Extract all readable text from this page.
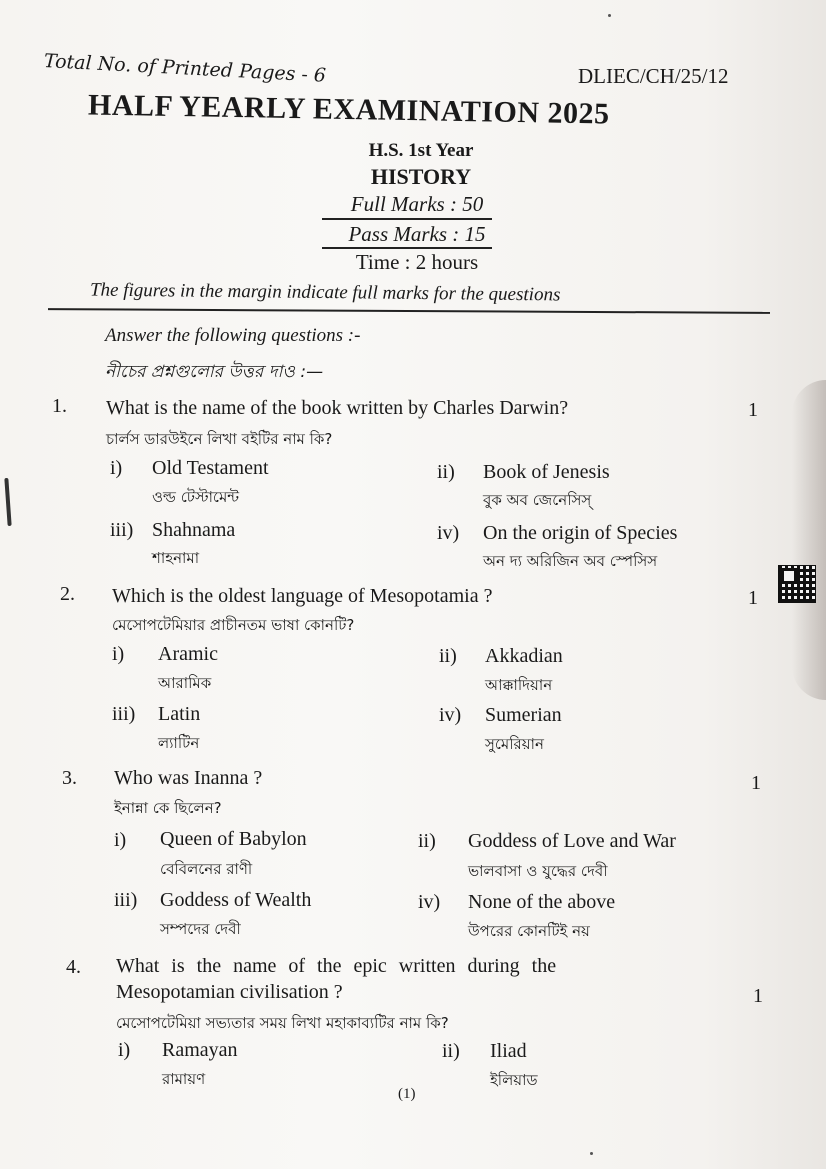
Total No. of Printed Pages - 6	DLIEC/CH/25/12
HALF YEARLY EXAMINATION 2025
H.S. 1st Year
HISTORY
Full Marks : 50
Pass Marks : 15
Time : 2 hours
The figures in the margin indicate full marks for the questions
Answer the following questions :-
নীচের প্রশ্নগুলোর উত্তর দাও :—
1. What is the name of the book written by Charles Darwin?	1
চার্লস ডারউইনে লিখা বইটির নাম কি?
i) Old Testament
ওল্ড টেস্টামেন্ট
ii) Book of Jenesis
বুক অব জেনেসিস্
iii) Shahnama
শাহনামা
iv) On the origin of Species
অন দ্য অরিজিন অব স্পেসিস
2. Which is the oldest language of Mesopotamia ?	1
মেসোপটেমিয়ার প্রাচীনতম ভাষা কোনটি?
i) Aramic
আরামিক
ii) Akkadian
আক্কাদিয়ান
iii) Latin
ল্যাটিন
iv) Sumerian
সুমেরিয়ান
3. Who was Inanna ?	1
ইনান্না কে ছিলেন?
i) Queen of Babylon
বেবিলনের রাণী
ii) Goddess of Love and War
ভালবাসা ও যুদ্ধের দেবী
iii) Goddess of Wealth
সম্পদের দেবী
iv) None of the above
উপরের কোনটিই নয়
4. What is the name of the epic written during the
Mesopotamian civilisation ?	1
মেসোপটেমিয়া সভ্যতার সময় লিখা মহাকাব্যটির নাম কি?
i) Ramayan
রামায়ণ
ii) Iliad
ইলিয়াড
(1)
